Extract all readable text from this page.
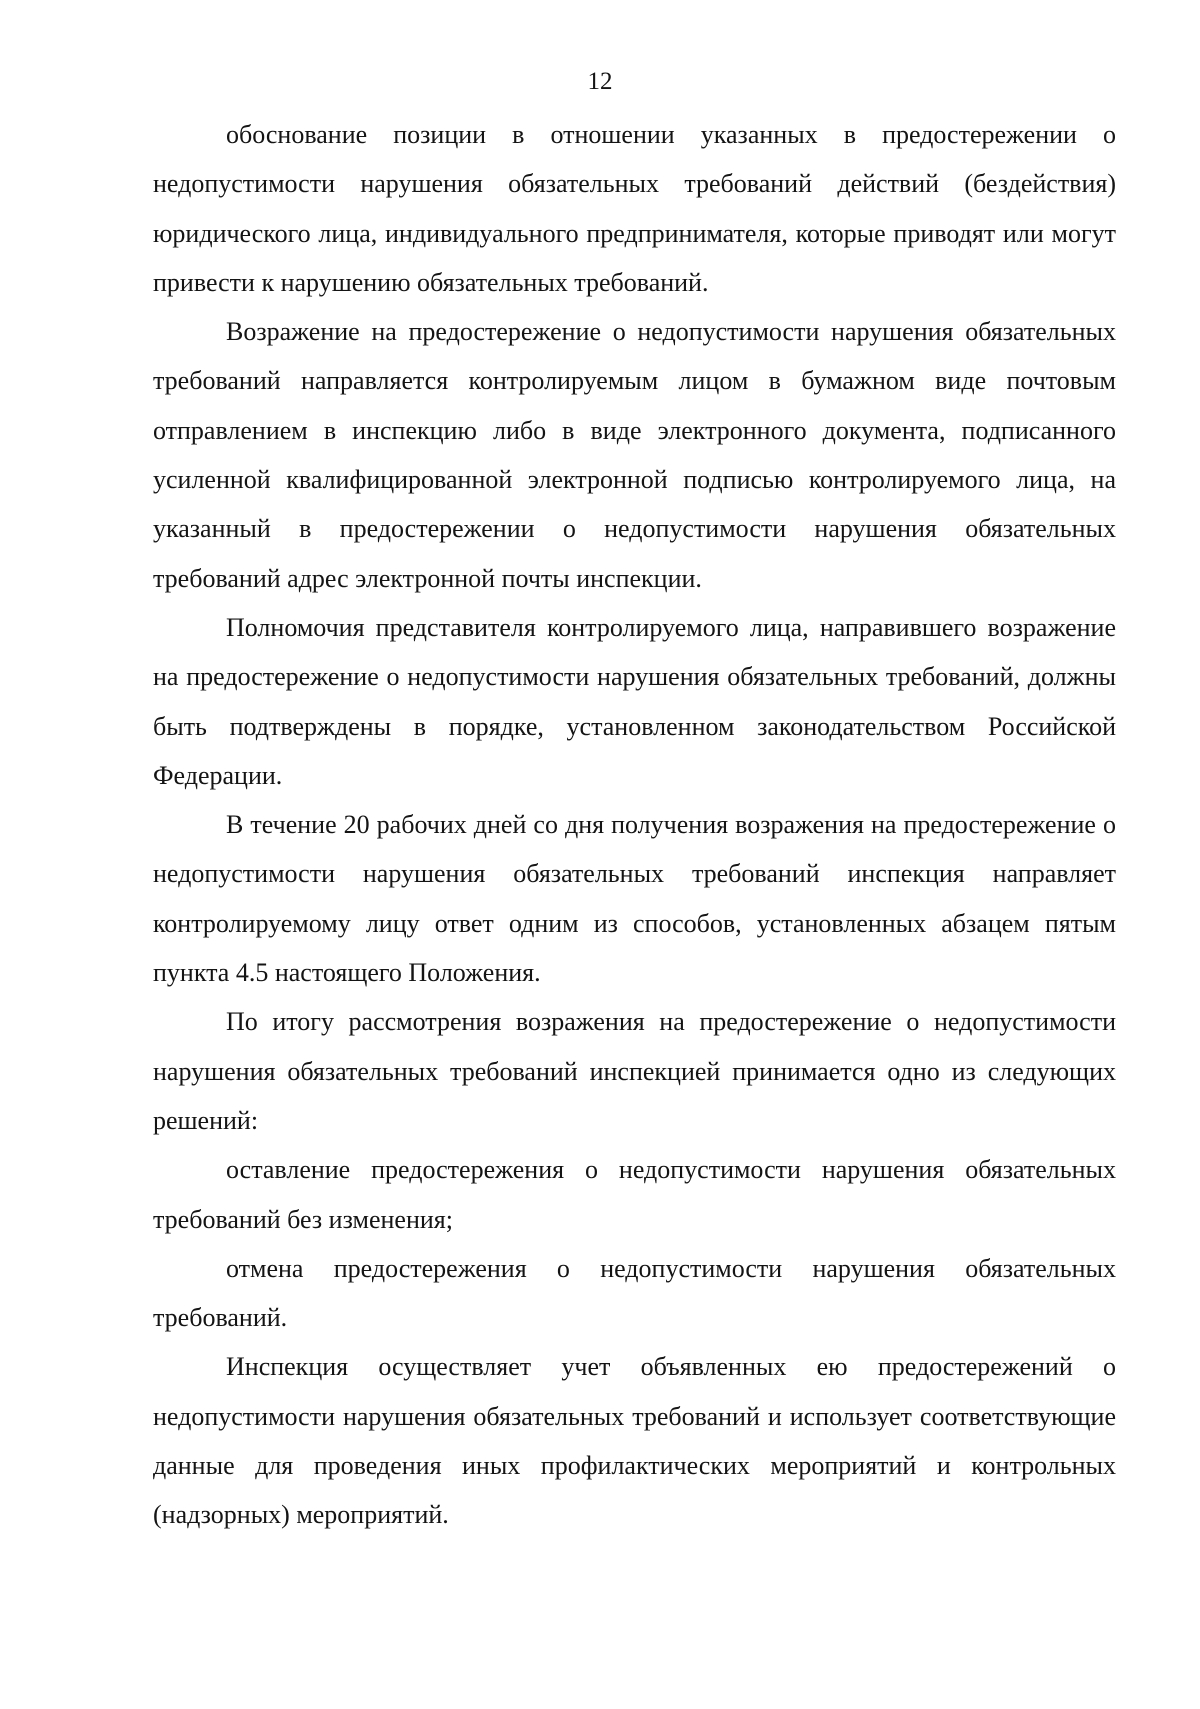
12

обоснование позиции в отношении указанных в предостережении о недопустимости нарушения обязательных требований действий (бездействия) юридического лица, индивидуального предпринимателя, которые приводят или могут привести к нарушению обязательных требований.

Возражение на предостережение о недопустимости нарушения обязательных требований направляется контролируемым лицом в бумажном виде почтовым отправлением в инспекцию либо в виде электронного документа, подписанного усиленной квалифицированной электронной подписью контролируемого лица, на указанный в предостережении о недопустимости нарушения обязательных требований адрес электронной почты инспекции.

Полномочия представителя контролируемого лица, направившего возражение на предостережение о недопустимости нарушения обязательных требований, должны быть подтверждены в порядке, установленном законодательством Российской Федерации.

В течение 20 рабочих дней со дня получения возражения на предостережение о недопустимости нарушения обязательных требований инспекция направляет контролируемому лицу ответ одним из способов, установленных абзацем пятым пункта 4.5 настоящего Положения.

По итогу рассмотрения возражения на предостережение о недопустимости нарушения обязательных требований инспекцией принимается одно из следующих решений:

оставление предостережения о недопустимости нарушения обязательных требований без изменения;

отмена предостережения о недопустимости нарушения обязательных требований.

Инспекция осуществляет учет объявленных ею предостережений о недопустимости нарушения обязательных требований и использует соответствующие данные для проведения иных профилактических мероприятий и контрольных (надзорных) мероприятий.
